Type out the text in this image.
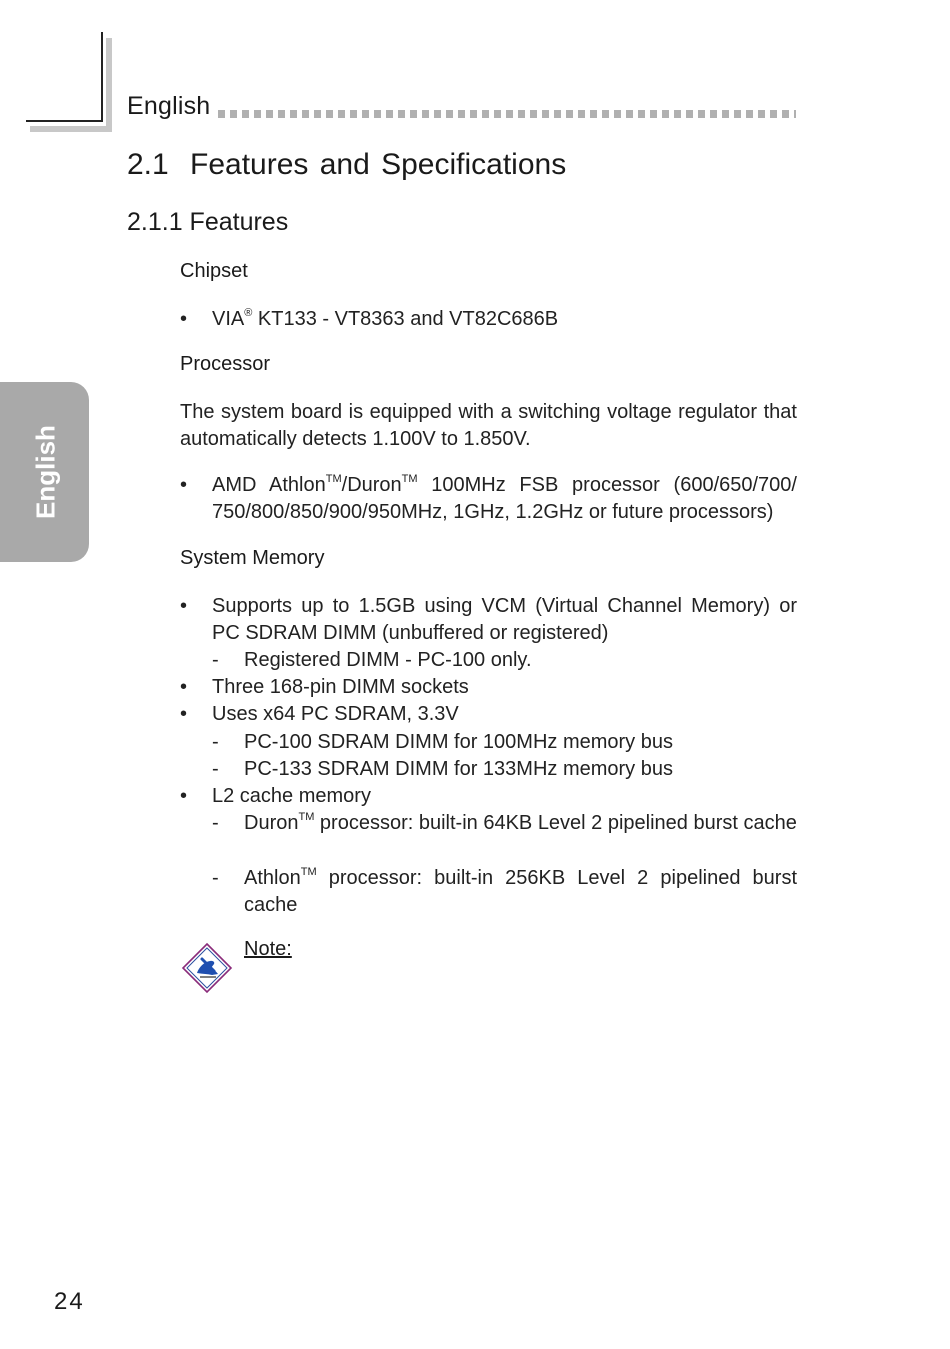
English
English
2.1 Features and Specifications
2.1.1 Features
Chipset
• VIA® KT133 - VT8363 and VT82C686B
Processor
The system board is equipped with a switching voltage regulator that automatically detects 1.100V to 1.850V.
• AMD Athlon™/Duron™ 100MHz FSB processor (600/650/700/ 750/800/850/900/950MHz, 1GHz, 1.2GHz or future processors)
System Memory
• Supports up to 1.5GB using VCM (Virtual Channel Memory) or PC SDRAM DIMM (unbuffered or registered)
- Registered DIMM - PC-100 only.
• Three 168-pin DIMM sockets
• Uses x64 PC SDRAM, 3.3V
- PC-100 SDRAM DIMM for 100MHz memory bus
- PC-133 SDRAM DIMM for 133MHz memory bus
• L2 cache memory
- Duron™ processor: built-in 64KB Level 2 pipelined burst cache
- Athlon™ processor: built-in 256KB Level 2 pipelined burst cache
Note:
24
